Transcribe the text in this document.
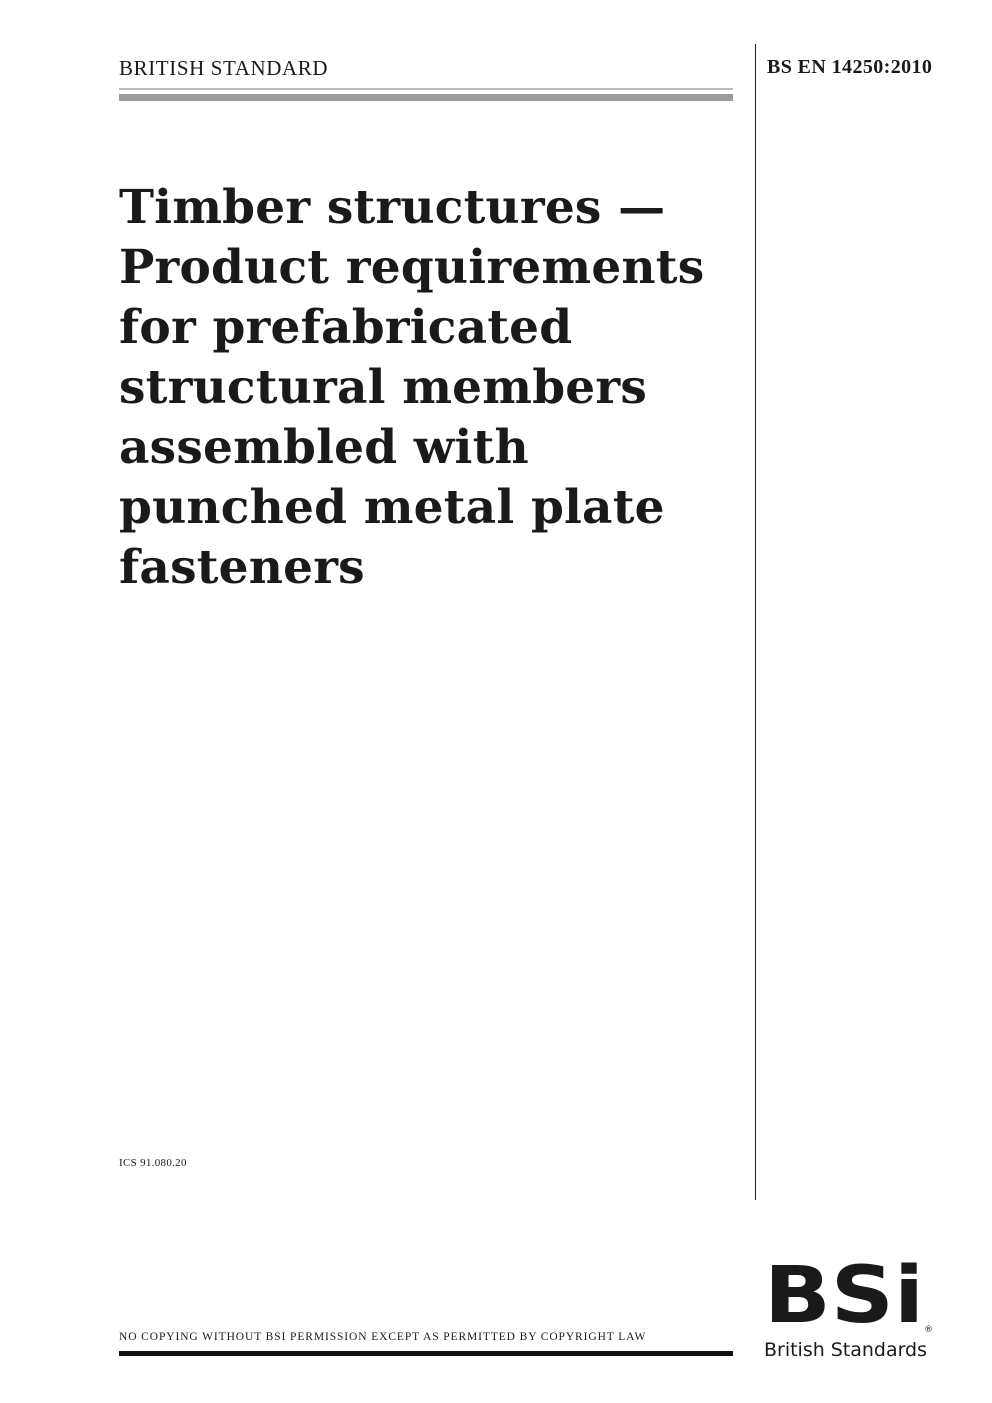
BRITISH STANDARD	BS EN 14250:2010
Timber structures —
Product requirements
for prefabricated
structural members
assembled with
punched metal plate
fasteners
ICS 91.080.20
NO COPYING WITHOUT BSI PERMISSION EXCEPT AS PERMITTED BY COPYRIGHT LAW BSi ®
British Standards
